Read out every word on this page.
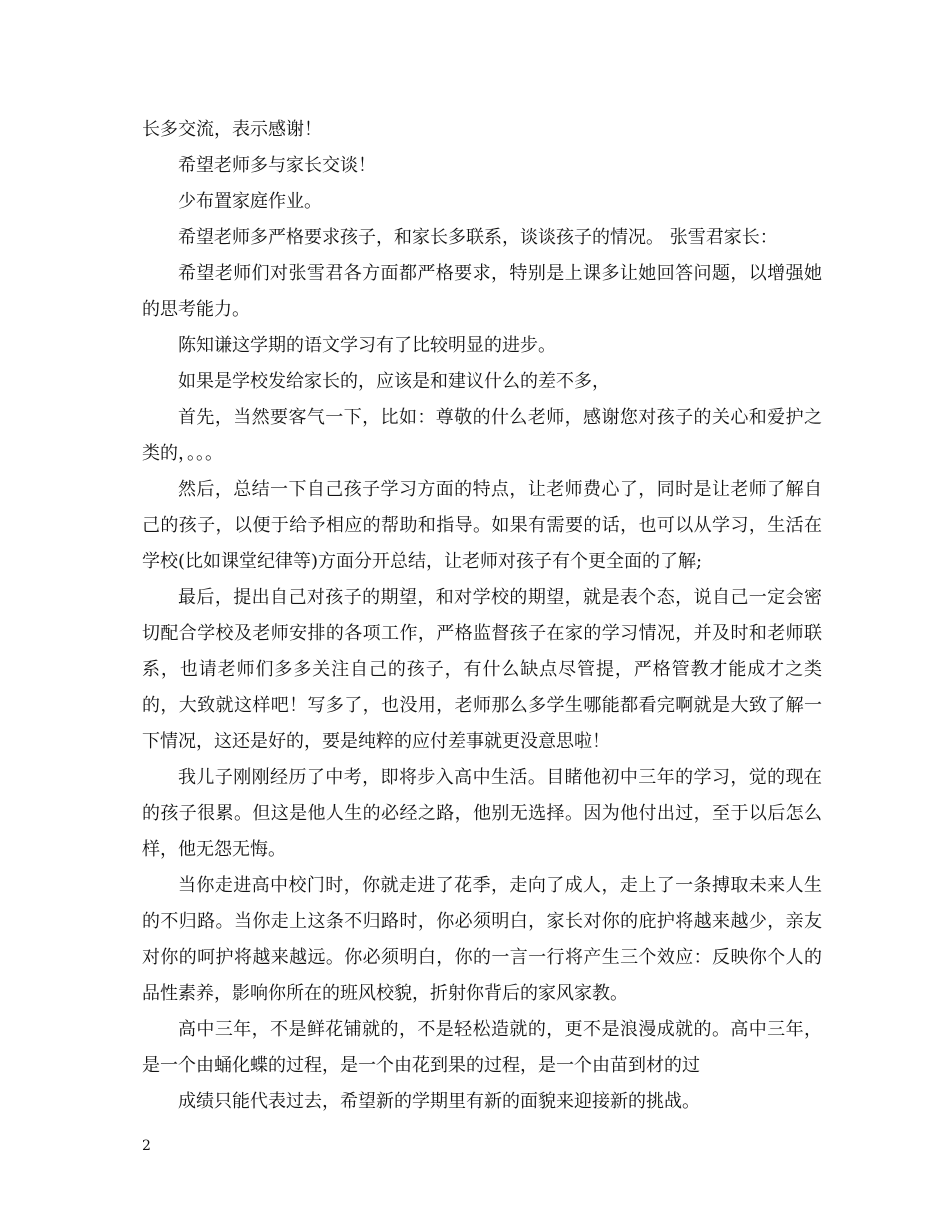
长多交流，表示感谢！

希望老师多与家长交谈！

少布置家庭作业。

希望老师多严格要求孩子，和家长多联系，谈谈孩子的情况。 张雪君家长：

希望老师们对张雪君各方面都严格要求，特别是上课多让她回答问题，以增强她的思考能力。

陈知谦这学期的语文学习有了比较明显的进步。

如果是学校发给家长的，应该是和建议什么的差不多，

首先，当然要客气一下，比如：尊敬的什么老师，感谢您对孩子的关心和爱护之类的，。。。

然后，总结一下自己孩子学习方面的特点，让老师费心了，同时是让老师了解自己的孩子，以便于给予相应的帮助和指导。如果有需要的话，也可以从学习，生活在学校(比如课堂纪律等)方面分开总结，让老师对孩子有个更全面的了解;

最后，提出自己对孩子的期望，和对学校的期望，就是表个态，说自己一定会密切配合学校及老师安排的各项工作，严格监督孩子在家的学习情况，并及时和老师联系，也请老师们多多关注自己的孩子，有什么缺点尽管提，严格管教才能成才之类的，大致就这样吧！写多了，也没用，老师那么多学生哪能都看完啊就是大致了解一下情况，这还是好的，要是纯粹的应付差事就更没意思啦！

我儿子刚刚经历了中考，即将步入高中生活。目睹他初中三年的学习，觉的现在的孩子很累。但这是他人生的必经之路，他别无选择。因为他付出过，至于以后怎么样，他无怨无悔。

当你走进高中校门时，你就走进了花季，走向了成人，走上了一条搏取未来人生的不归路。当你走上这条不归路时，你必须明白，家长对你的庇护将越来越少，亲友对你的呵护将越来越远。你必须明白，你的一言一行将产生三个效应：反映你个人的品性素养，影响你所在的班风校貌，折射你背后的家风家教。

高中三年，不是鲜花铺就的，不是轻松造就的，更不是浪漫成就的。高中三年，是一个由蛹化蝶的过程，是一个由花到果的过程，是一个由苗到材的过

成绩只能代表过去，希望新的学期里有新的面貌来迎接新的挑战。

2
